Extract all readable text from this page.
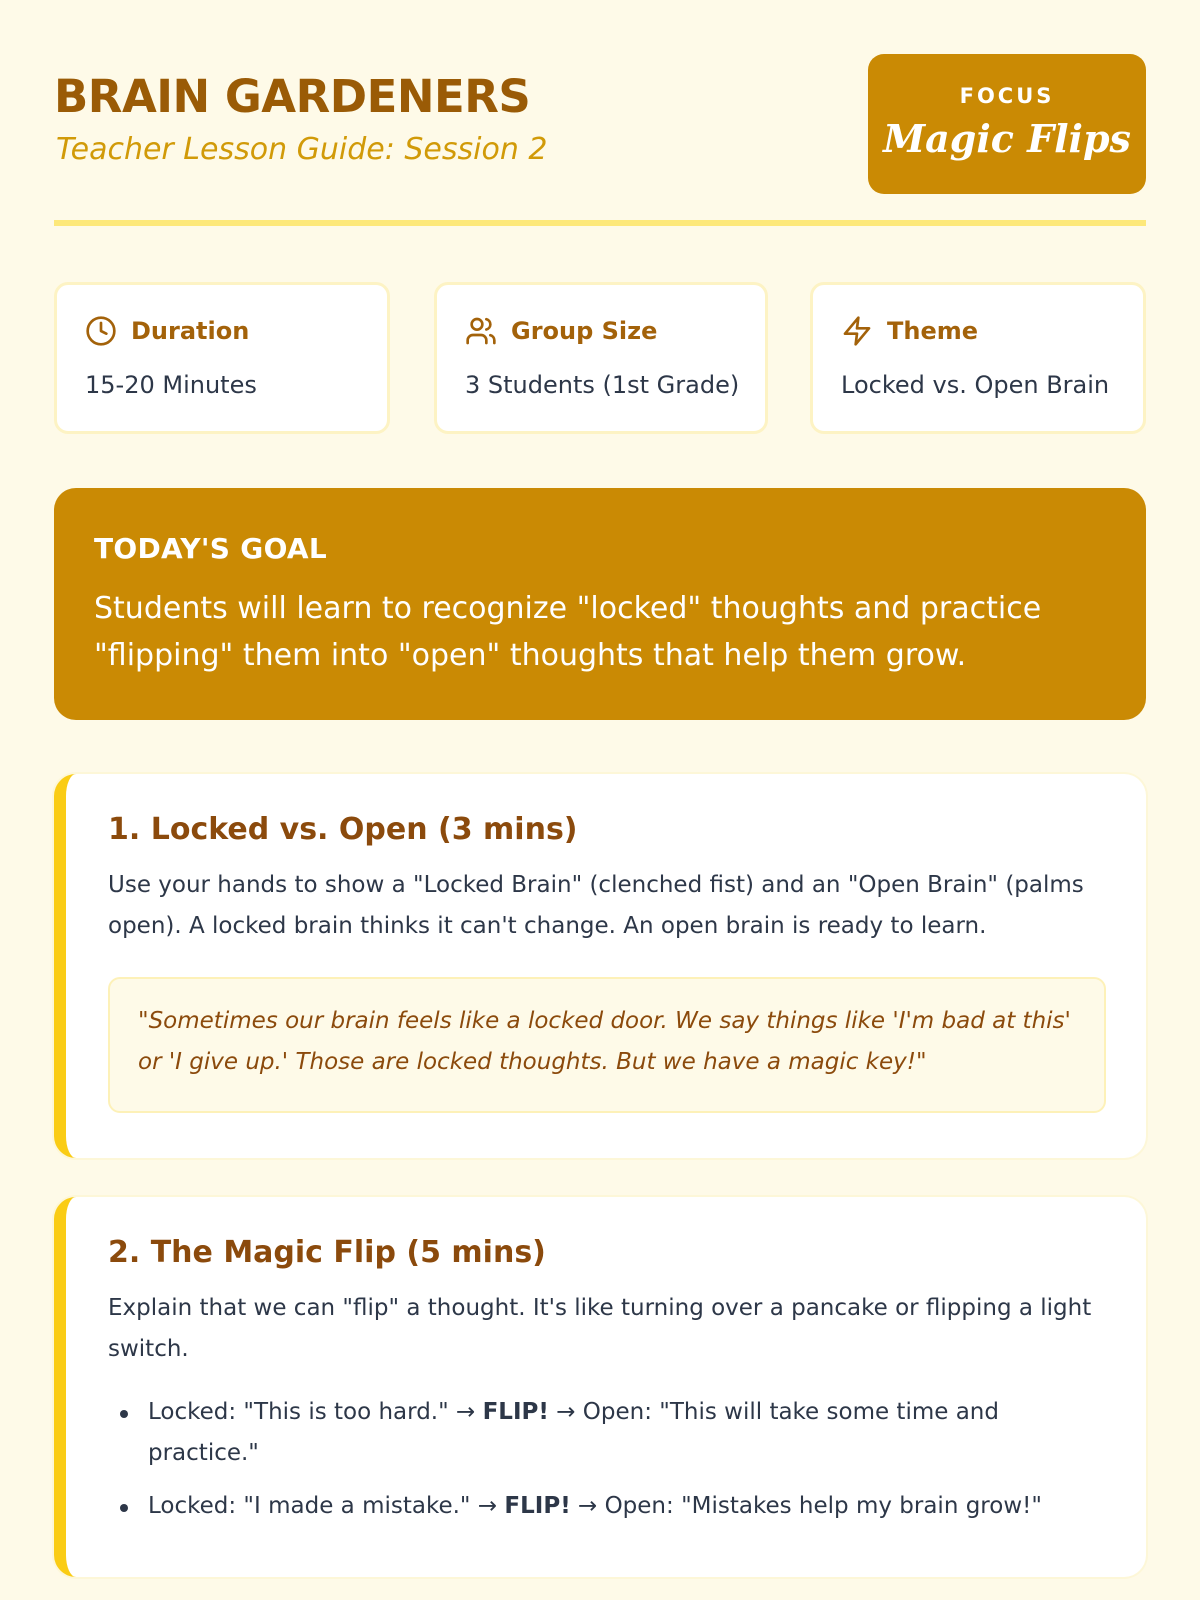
BRAIN GARDENERS
Teacher Lesson Guide: Session 2
FOCUS
Magic Flips
Duration
15-20 Minutes
Group Size
3 Students (1st Grade)
Theme
Locked vs. Open Brain
TODAY'S GOAL
Students will learn to recognize "locked" thoughts and practice "flipping" them into "open" thoughts that help them grow.
1. Locked vs. Open (3 mins)
Use your hands to show a "Locked Brain" (clenched fist) and an "Open Brain" (palms open). A locked brain thinks it can't change. An open brain is ready to learn.
"Sometimes our brain feels like a locked door. We say things like 'I'm bad at this' or 'I give up.' Those are locked thoughts. But we have a magic key!"
2. The Magic Flip (5 mins)
Explain that we can "flip" a thought. It's like turning over a pancake or flipping a light switch.
Locked: "This is too hard." → FLIP! → Open: "This will take some time and practice."
Locked: "I made a mistake." → FLIP! → Open: "Mistakes help my brain grow!"
